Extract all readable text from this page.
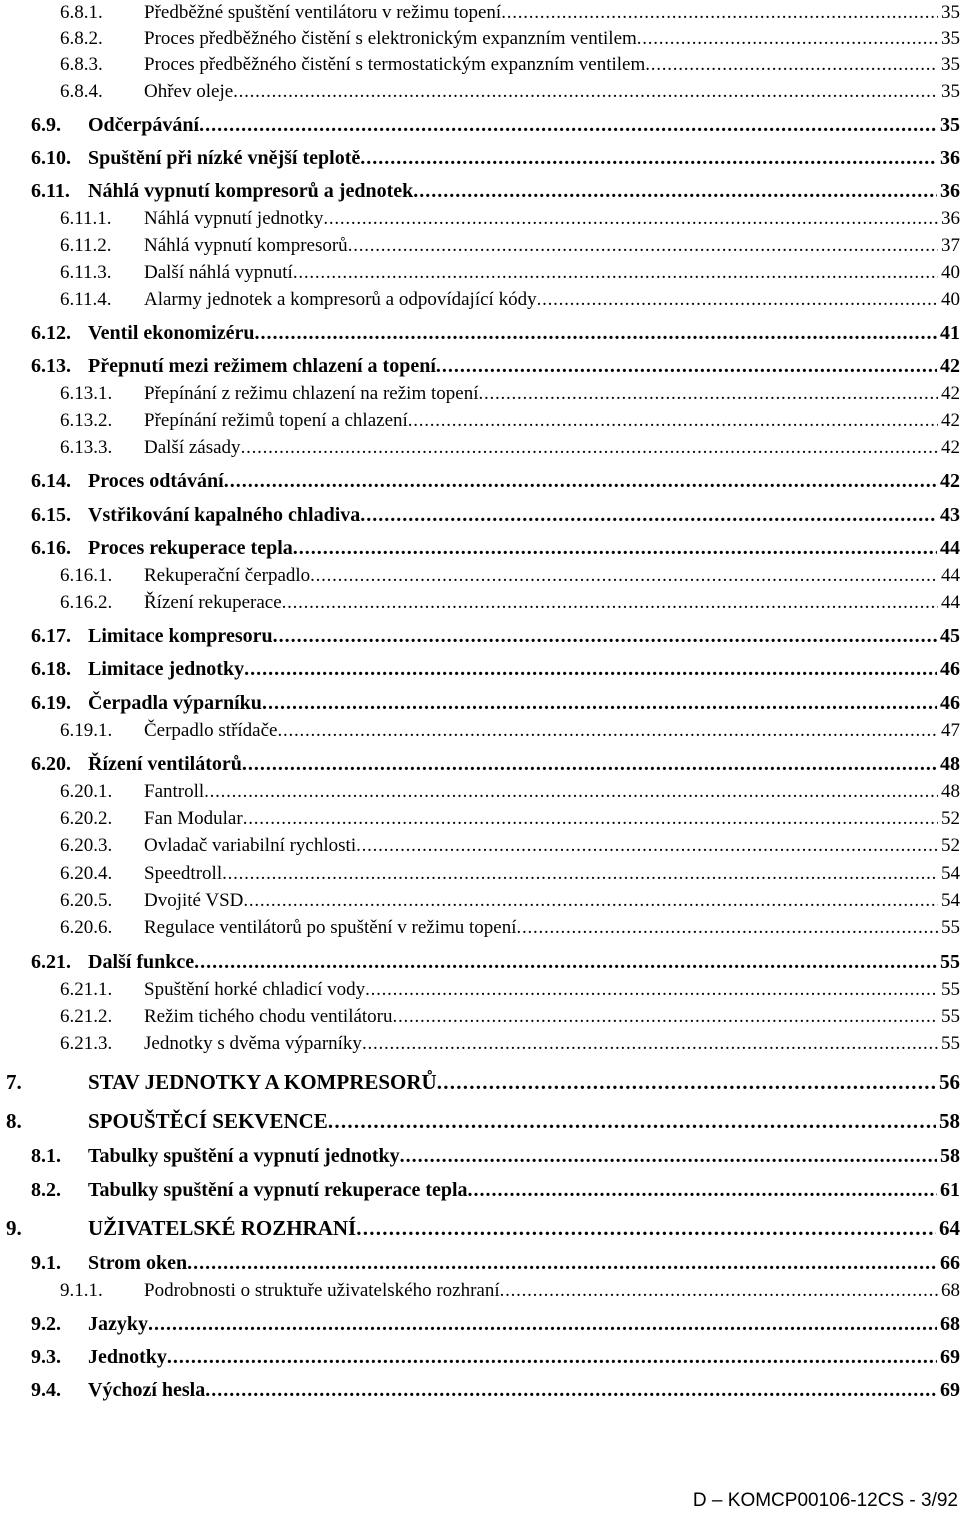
6.8.1.	Předběžné spuštění ventilátoru v režimu topení . . .	35
6.8.2.	Proces předběžného čistění s elektronickým expanzním ventilem . . .	35
6.8.3.	Proces předběžného čistění s termostatickým expanzním ventilem . . .	35
6.8.4.	Ohřev oleje . . .	35
6.9.	Odčerpávání . . .	35
6.10. Spuštění při nízké vnější teplotě . . .	36
6.11. Náhlá vypnutí kompresorů a jednotek . . .	36
6.11.1.	Náhlá vypnutí jednotky . . .	36
6.11.2.	Náhlá vypnutí kompresorů . . .	37
6.11.3.	Další náhlá vypnutí . . .	40
6.11.4.	Alarmy jednotek a kompresorů a odpovídající kódy . . .	40
6.12. Ventil ekonomizéru . . .	41
6.13. Přepnutí mezi režimem chlazení a topení . . .	42
6.13.1.	Přepínání z režimu chlazení na režim topení . . .	42
6.13.2.	Přepínání režimů topení a chlazení . . .	42
6.13.3.	Další zásady . . .	42
6.14. Proces odtávání . . .	42
6.15. Vstřikování kapalného chladiva . . .	43
6.16. Proces rekuperace tepla . . .	44
6.16.1.	Rekuperační čerpadlo . . .	44
6.16.2.	Řízení rekuperace . . .	44
6.17. Limitace kompresoru . . .	45
6.18. Limitace jednotky . . .	46
6.19. Čerpadla výparníku . . .	46
6.19.1.	Čerpadlo střídače . . .	47
6.20. Řízení ventilátorů . . .	48
6.20.1.	Fantroll . . .	48
6.20.2.	Fan Modular . . .	52
6.20.3.	Ovladač variabilní rychlosti . . .	52
6.20.4.	Speedtroll . . .	54
6.20.5.	Dvojité VSD . . .	54
6.20.6.	Regulace ventilátorů po spuštění v režimu topení . . .	55
6.21. Další funkce . . .	55
6.21.1.	Spuštění horké chladicí vody . . .	55
6.21.2.	Režim tichého chodu ventilátoru . . .	55
6.21.3.	Jednotky s dvěma výparníky . . .	55
7.	STAV JEDNOTKY A KOMPRESORŮ . . .	56
8.	SPOUŠTĚCÍ SEKVENCE . . .	58
8.1.	Tabulky spuštění a vypnutí jednotky . . .	58
8.2.	Tabulky spuštění a vypnutí rekuperace tepla . . .	61
9.	UŽIVATELSKÉ ROZHRANÍ . . .	64
9.1.	Strom oken . . .	66
9.1.1.	Podrobnosti o struktuře uživatelského rozhraní . . .	68
9.2.	Jazyky . . .	68
9.3.	Jednotky . . .	69
9.4.	Výchozí hesla . . .	69
D – KOMCP00106-12CS - 3/92
